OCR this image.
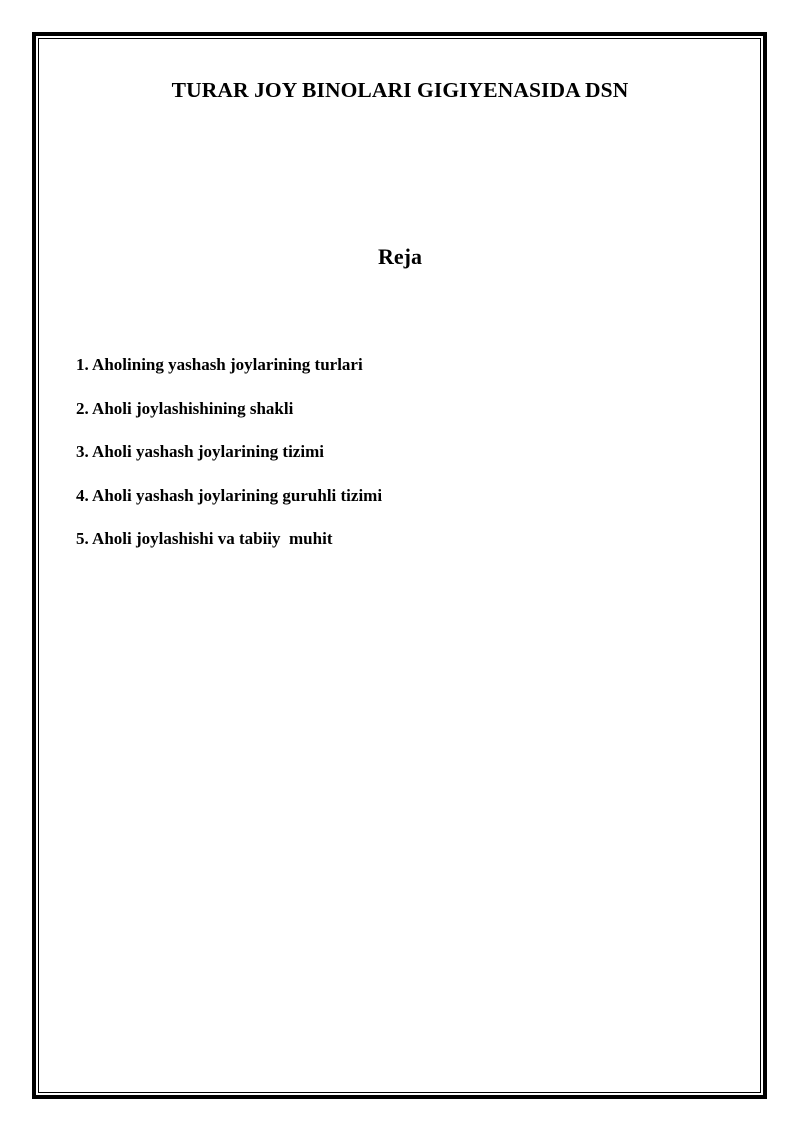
TURAR JOY BINOLARI GIGIYENASIDA DSN
Reja
1. Aholining yashash joylarining turlari
2. Aholi joylashishining shakli
3. Aholi yashash joylarining tizimi
4. Aholi yashash joylarining guruhli tizimi
5. Aholi joylashishi va tabiiy  muhit
